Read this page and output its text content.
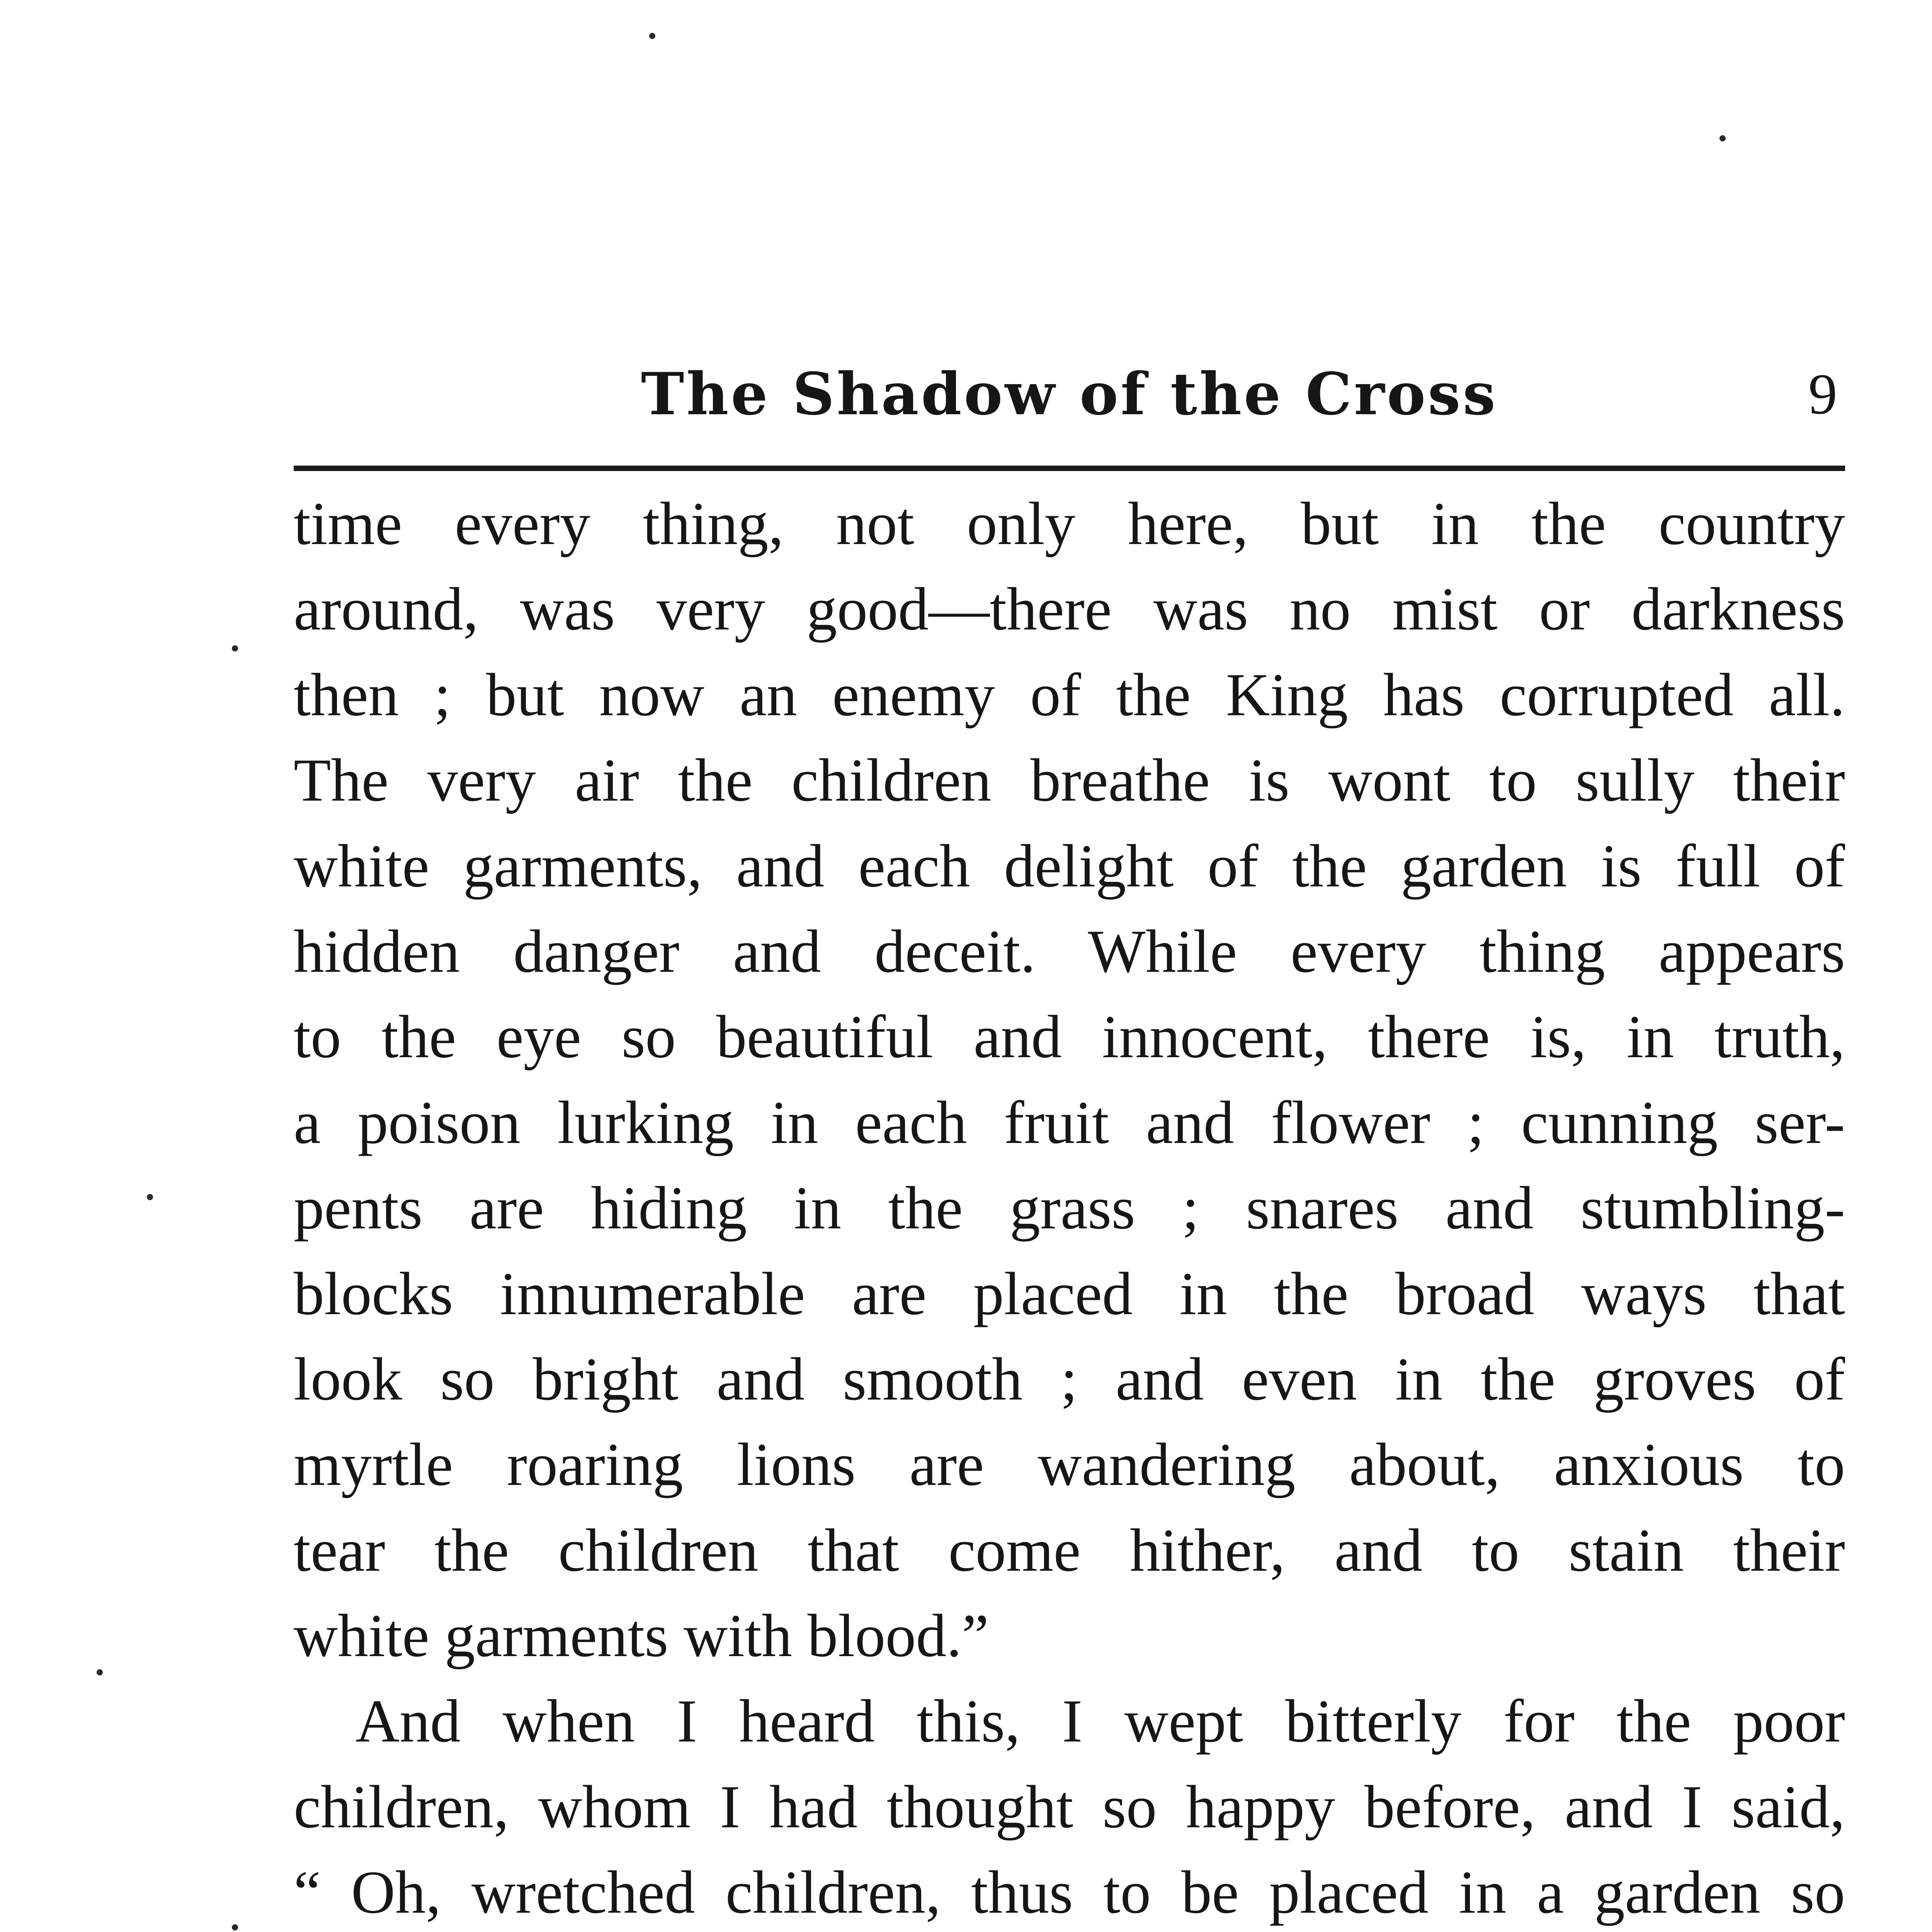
The Shadow of the Cross	9
time every thing, not only here, but in the country
around, was very good—there was no mist or darkness
then ; but now an enemy of the King has corrupted all.
The very air the children breathe is wont to sully their
white garments, and each delight of the garden is full of
hidden danger and deceit. While every thing appears
to the eye so beautiful and innocent, there is, in truth,
a poison lurking in each fruit and flower ; cunning ser-
pents are hiding in the grass ; snares and stumbling-
blocks innumerable are placed in the broad ways that
look so bright and smooth ; and even in the groves of
myrtle roaring lions are wandering about, anxious to
tear the children that come hither, and to stain their
white garments with blood.”
And when I heard this, I wept bitterly for the poor
children, whom I had thought so happy before, and I said,
“ Oh, wretched children, thus to be placed in a garden so
